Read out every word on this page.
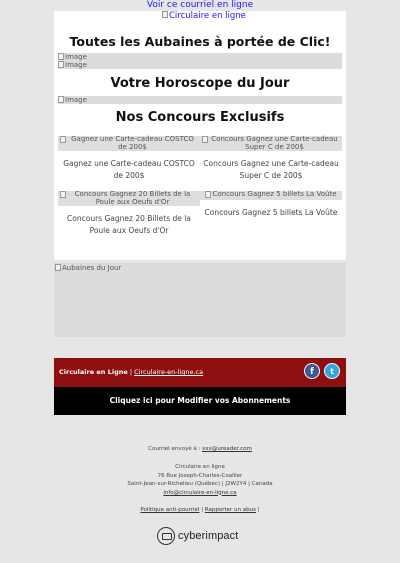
Voir ce courriel en ligne
Circulaire en ligne
Toutes les Aubaines à portée de Clic!
Image
Image
Votre Horoscope du Jour
Image
Nos Concours Exclusifs
Gagnez une Carte-cadeau COSTCO de 200$
Gagnez une Carte-cadeau COSTCO de 200$
Concours Gagnez une Carte-cadeau Super C de 200$
Concours Gagnez une Carte-cadeau Super C de 200$
Concours Gagnez 20 Billets de la Poule aux Oeufs d'Or
Concours Gagnez 20 Billets de la Poule aux Oeufs d'Or
Concours Gagnez 5 billets La Voûte
Concours Gagnez 5 billets La Voûte
Aubaines du Jour
Circulaire en Ligne | Circulaire-en-ligne.ca	f	t
Cliquez ici pour Modifier vos Abonnements
Courriel envoyé à : xxx@ureader.com
Circulaire en ligne
76 Rue Joseph-Charles-Coallier
Saint-Jean-sur-Richelieu (Québec) | J2W2Y4 | Canada
info@circulaire-en-ligne.ca
Politique anti-pourriel | Rapporter un abus |
cyberimpact
